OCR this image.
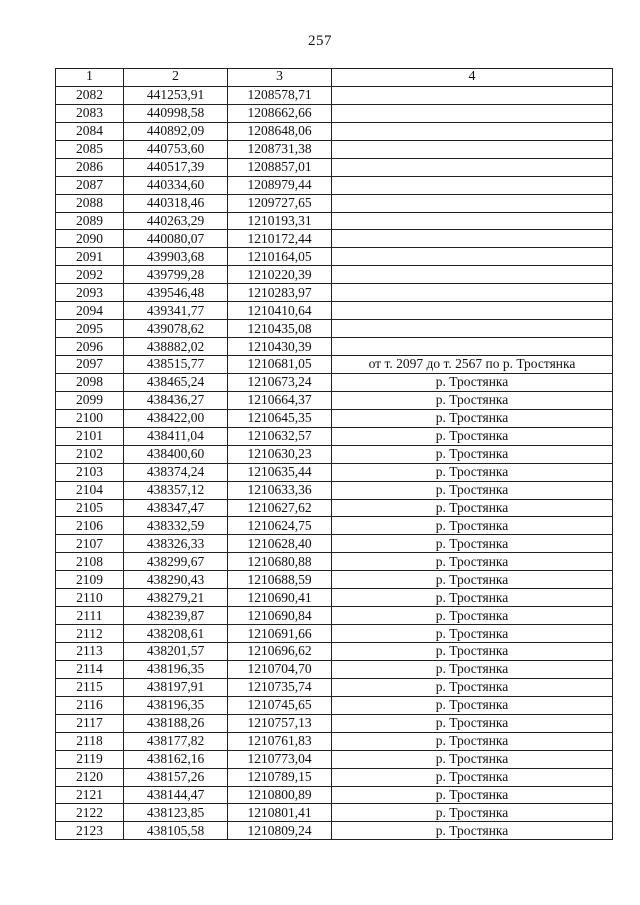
257
1	2	3	4
2082	441253,91	1208578,71	
2083	440998,58	1208662,66	
2084	440892,09	1208648,06	
2085	440753,60	1208731,38	
2086	440517,39	1208857,01	
2087	440334,60	1208979,44	
2088	440318,46	1209727,65	
2089	440263,29	1210193,31	
2090	440080,07	1210172,44	
2091	439903,68	1210164,05	
2092	439799,28	1210220,39	
2093	439546,48	1210283,97	
2094	439341,77	1210410,64	
2095	439078,62	1210435,08	
2096	438882,02	1210430,39	
2097	438515,77	1210681,05	от т. 2097 до т. 2567 по р. Тростянка
2098	438465,24	1210673,24	р. Тростянка
2099	438436,27	1210664,37	р. Тростянка
2100	438422,00	1210645,35	р. Тростянка
2101	438411,04	1210632,57	р. Тростянка
2102	438400,60	1210630,23	р. Тростянка
2103	438374,24	1210635,44	р. Тростянка
2104	438357,12	1210633,36	р. Тростянка
2105	438347,47	1210627,62	р. Тростянка
2106	438332,59	1210624,75	р. Тростянка
2107	438326,33	1210628,40	р. Тростянка
2108	438299,67	1210680,88	р. Тростянка
2109	438290,43	1210688,59	р. Тростянка
2110	438279,21	1210690,41	р. Тростянка
2111	438239,87	1210690,84	р. Тростянка
2112	438208,61	1210691,66	р. Тростянка
2113	438201,57	1210696,62	р. Тростянка
2114	438196,35	1210704,70	р. Тростянка
2115	438197,91	1210735,74	р. Тростянка
2116	438196,35	1210745,65	р. Тростянка
2117	438188,26	1210757,13	р. Тростянка
2118	438177,82	1210761,83	р. Тростянка
2119	438162,16	1210773,04	р. Тростянка
2120	438157,26	1210789,15	р. Тростянка
2121	438144,47	1210800,89	р. Тростянка
2122	438123,85	1210801,41	р. Тростянка
2123	438105,58	1210809,24	р. Тростянка
